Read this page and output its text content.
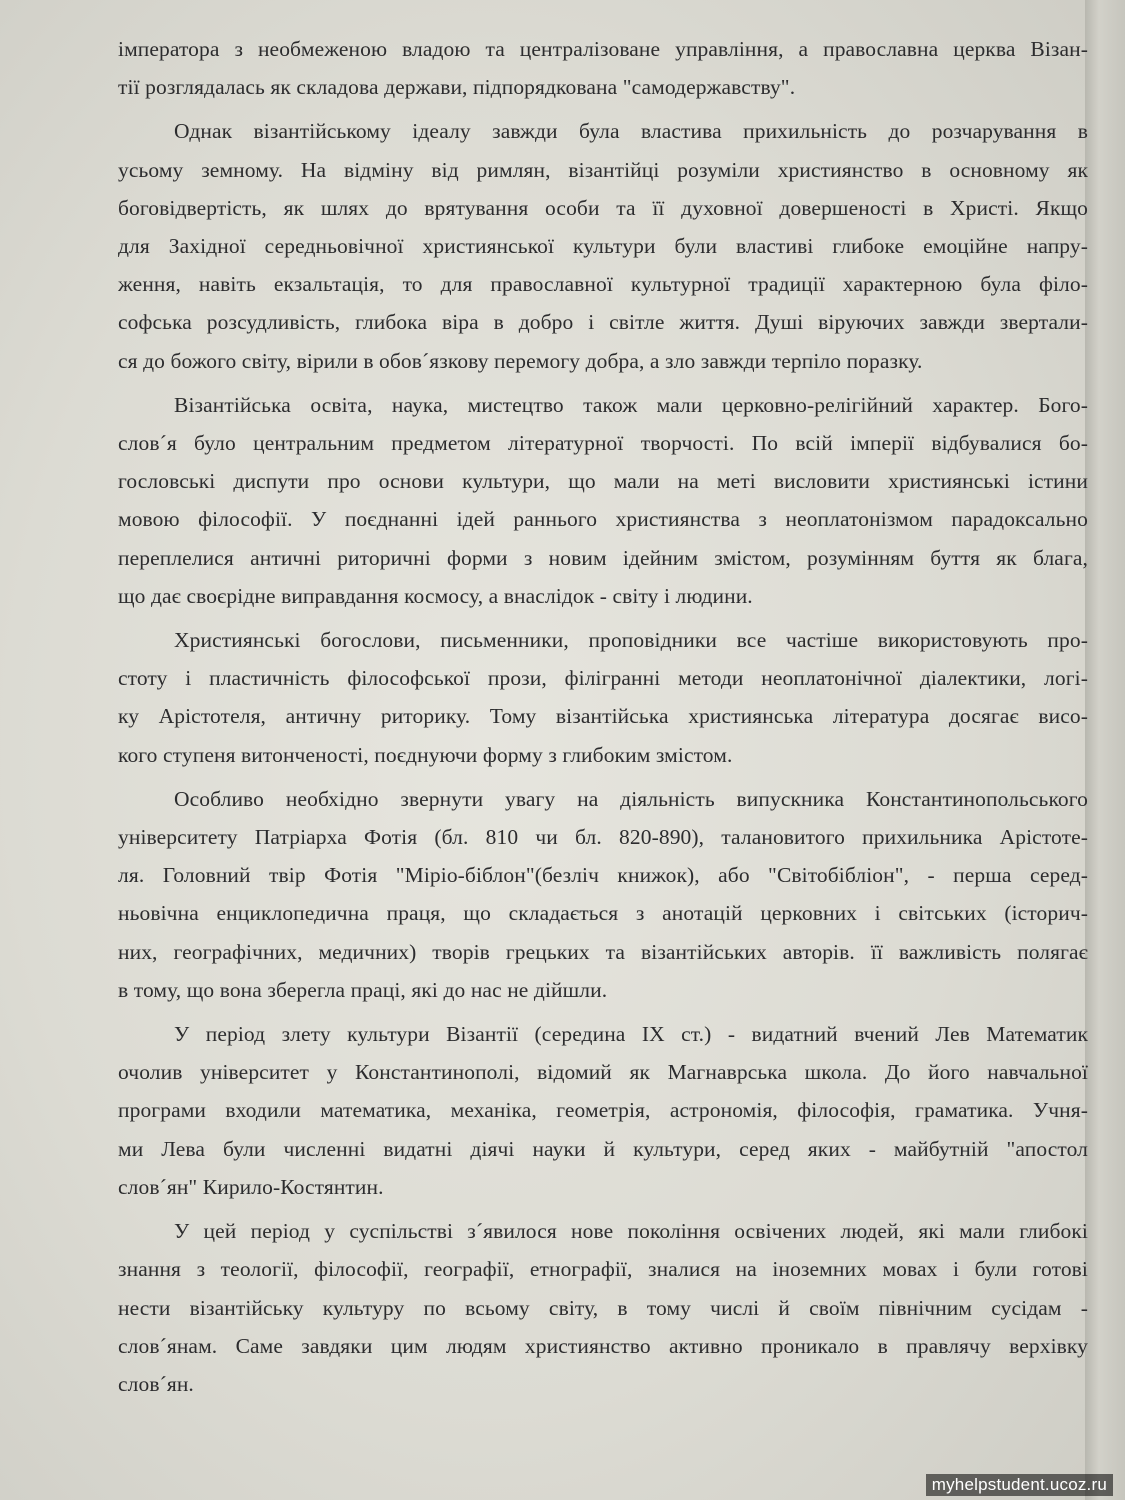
імператора з необмеженою владою та централізоване управління, а православна церква Візан-
тії розглядалась як складова держави, підпорядкована "самодержавству".
Однак візантійському ідеалу завжди була властива прихильність до розчарування в
усьому земному. На відміну від римлян, візантійці розуміли християнство в основному як
боговідвертість, як шлях до врятування особи та її духовної довершеності в Христі. Якщо
для Західної середньовічної християнської культури були властиві глибоке емоційне напру-
ження, навіть екзальтація, то для православної культурної традиції характерною була філо-
софська розсудливість, глибока віра в добро і світле життя. Душі віруючих завжди звертали-
ся до божого світу, вірили в обов´язкову перемогу добра, а зло завжди терпіло поразку.
Візантійська освіта, наука, мистецтво також мали церковно-релігійний характер. Бого-
слов´я було центральним предметом літературної творчості. По всій імперії відбувалися бо-
гословські диспути про основи культури, що мали на меті висловити християнські істини
мовою філософії. У поєднанні ідей раннього християнства з неоплатонізмом парадоксально
переплелися античні риторичні форми з новим ідейним змістом, розумінням буття як блага,
що дає своєрідне виправдання космосу, а внаслідок - світу і людини.
Християнські богослови, письменники, проповідники все частіше використовують про-
стоту і пластичність філософської прози, філігранні методи неоплатонічної діалектики, логі-
ку Арістотеля, античну риторику. Тому візантійська християнська література досягає висо-
кого ступеня витонченості, поєднуючи форму з глибоким змістом.
Особливо необхідно звернути увагу на діяльність випускника Константинопольського
університету Патріарха Фотія (бл. 810 чи бл. 820-890), талановитого прихильника Арістоте-
ля. Головний твір Фотія "Міріо-біблон"(безліч книжок), або "Світобібліон", - перша серед-
ньовічна енциклопедична праця, що складається з анотацій церковних і світських (історич-
них, географічних, медичних) творів грецьких та візантійських авторів. її важливість полягає
в тому, що вона зберегла праці, які до нас не дійшли.
У період злету культури Візантії (середина IX ст.) - видатний вчений Лев Математик
очолив університет у Константинополі, відомий як Магнаврська школа. До його навчальної
програми входили математика, механіка, геометрія, астрономія, філософія, граматика. Учня-
ми Лева були численні видатні діячі науки й культури, серед яких - майбутній "апостол
слов´ян" Кирило-Костянтин.
У цей період у суспільстві з´явилося нове покоління освічених людей, які мали глибокі
знання з теології, філософії, географії, етнографії, зналися на іноземних мовах і були готові
нести візантійську культуру по всьому світу, в тому числі й своїм північним сусідам -
слов´янам. Саме завдяки цим людям християнство активно проникало в правлячу верхівку
слов´ян.
myhelpstudent.ucoz.ru
